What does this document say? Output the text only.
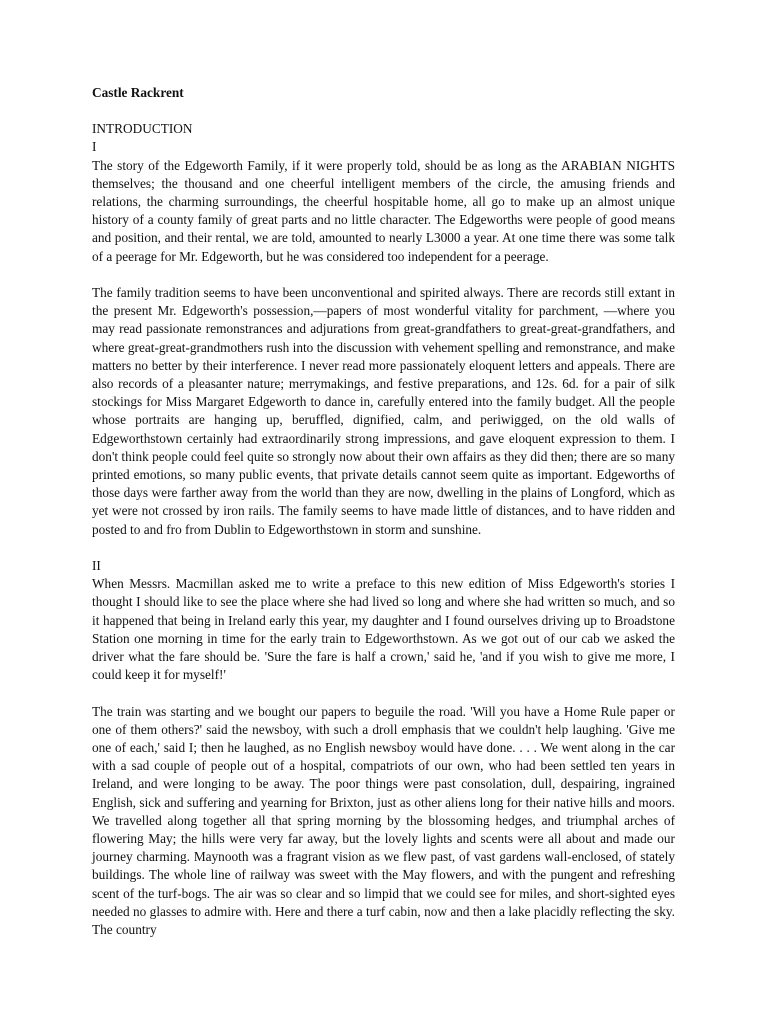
Castle Rackrent

INTRODUCTION

I

The story of the Edgeworth Family, if it were properly told, should be as long as the ARABIAN NIGHTS themselves; the thousand and one cheerful intelligent members of the circle, the amusing friends and relations, the charming surroundings, the cheerful hospitable home, all go to make up an almost unique history of a county family of great parts and no little character. The Edgeworths were people of good means and position, and their rental, we are told, amounted to nearly L3000 a year. At one time there was some talk of a peerage for Mr. Edgeworth, but he was considered too independent for a peerage.

The family tradition seems to have been unconventional and spirited always. There are records still extant in the present Mr. Edgeworth's possession,—papers of most wonderful vitality for parchment, —where you may read passionate remonstrances and adjurations from great-grandfathers to great-great-grandfathers, and where great-great-grandmothers rush into the discussion with vehement spelling and remonstrance, and make matters no better by their interference. I never read more passionately eloquent letters and appeals. There are also records of a pleasanter nature; merrymakings, and festive preparations, and 12s. 6d. for a pair of silk stockings for Miss Margaret Edgeworth to dance in, carefully entered into the family budget. All the people whose portraits are hanging up, beruffled, dignified, calm, and periwigged, on the old walls of Edgeworthstown certainly had extraordinarily strong impressions, and gave eloquent expression to them. I don't think people could feel quite so strongly now about their own affairs as they did then; there are so many printed emotions, so many public events, that private details cannot seem quite as important. Edgeworths of those days were farther away from the world than they are now, dwelling in the plains of Longford, which as yet were not crossed by iron rails. The family seems to have made little of distances, and to have ridden and posted to and fro from Dublin to Edgeworthstown in storm and sunshine.

II

When Messrs. Macmillan asked me to write a preface to this new edition of Miss Edgeworth's stories I thought I should like to see the place where she had lived so long and where she had written so much, and so it happened that being in Ireland early this year, my daughter and I found ourselves driving up to Broadstone Station one morning in time for the early train to Edgeworthstown. As we got out of our cab we asked the driver what the fare should be. 'Sure the fare is half a crown,' said he, 'and if you wish to give me more, I could keep it for myself!'

The train was starting and we bought our papers to beguile the road. 'Will you have a Home Rule paper or one of them others?' said the newsboy, with such a droll emphasis that we couldn't help laughing. 'Give me one of each,' said I; then he laughed, as no English newsboy would have done. . . . We went along in the car with a sad couple of people out of a hospital, compatriots of our own, who had been settled ten years in Ireland, and were longing to be away. The poor things were past consolation, dull, despairing, ingrained English, sick and suffering and yearning for Brixton, just as other aliens long for their native hills and moors. We travelled along together all that spring morning by the blossoming hedges, and triumphal arches of flowering May; the hills were very far away, but the lovely lights and scents were all about and made our journey charming. Maynooth was a fragrant vision as we flew past, of vast gardens wall-enclosed, of stately buildings. The whole line of railway was sweet with the May flowers, and with the pungent and refreshing scent of the turf-bogs. The air was so clear and so limpid that we could see for miles, and short-sighted eyes needed no glasses to admire with. Here and there a turf cabin, now and then a lake placidly reflecting the sky. The country
